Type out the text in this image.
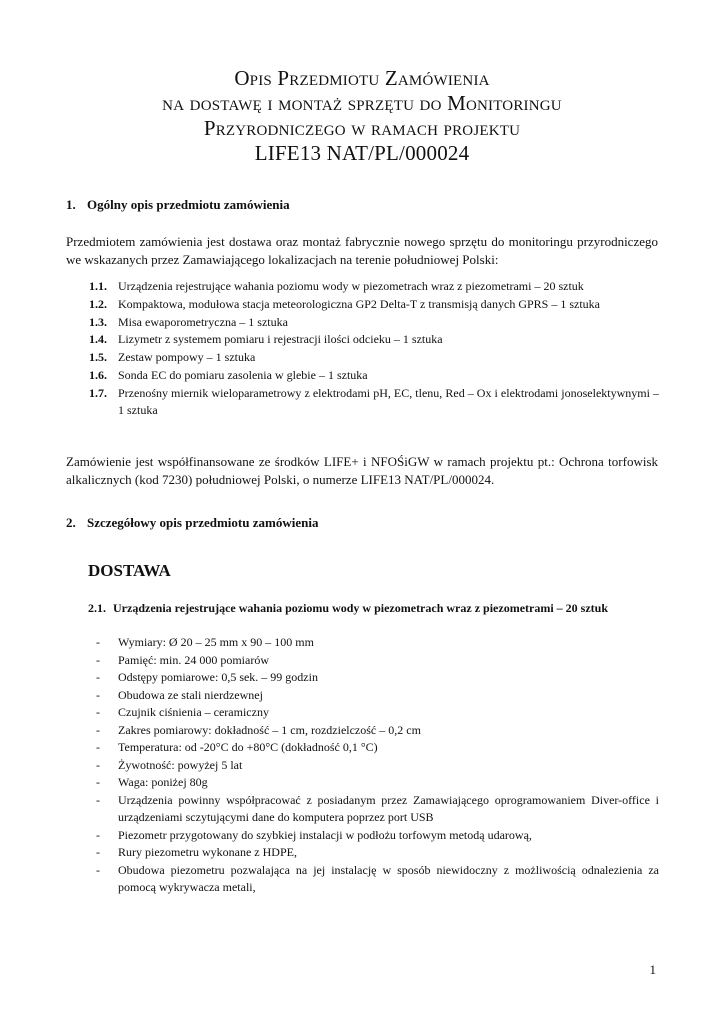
Opis Przedmiotu Zamówienia
na dostawę i montaż sprzętu do Monitoringu
Przyrodniczego w ramach projektu
LIFE13 NAT/PL/000024
1. Ogólny opis przedmiotu zamówienia
Przedmiotem zamówienia jest dostawa oraz montaż fabrycznie nowego sprzętu do monitoringu przyrodniczego we wskazanych przez Zamawiającego lokalizacjach na terenie południowej Polski:
1.1. Urządzenia rejestrujące wahania poziomu wody w piezometrach wraz z piezometrami – 20 sztuk
1.2. Kompaktowa, modułowa stacja meteorologiczna GP2 Delta-T z transmisją danych GPRS – 1 sztuka
1.3. Misa ewaporometryczna – 1 sztuka
1.4. Lizymetr z systemem pomiaru i rejestracji ilości odcieku – 1 sztuka
1.5. Zestaw pompowy – 1 sztuka
1.6. Sonda EC do pomiaru zasolenia w glebie – 1 sztuka
1.7. Przenośny miernik wieloparametrowy z elektrodami pH, EC, tlenu, Red – Ox i elektrodami jonoselektywnymi – 1 sztuka
Zamówienie jest współfinansowane ze środków LIFE+ i NFOŚiGW w ramach projektu pt.: Ochrona torfowisk alkalicznych (kod 7230) południowej Polski, o numerze LIFE13 NAT/PL/000024.
2. Szczegółowy opis przedmiotu zamówienia
DOSTAWA
2.1. Urządzenia rejestrujące wahania poziomu wody w piezometrach wraz z piezometrami – 20 sztuk
-	Wymiary: Ø 20 – 25 mm x 90 – 100 mm
-	Pamięć: min. 24 000 pomiarów
-	Odstępy pomiarowe: 0,5 sek. – 99 godzin
-	Obudowa ze stali nierdzewnej
-	Czujnik ciśnienia – ceramiczny
-	Zakres pomiarowy: dokładność – 1 cm, rozdzielczość – 0,2 cm
-	Temperatura: od -20°C do +80°C (dokładność 0,1 °C)
-	Żywotność: powyżej 5 lat
-	Waga: poniżej 80g
-	Urządzenia powinny współpracować z posiadanym przez Zamawiającego oprogramowaniem Diver-office i urządzeniami sczytującymi dane do komputera poprzez port USB
-	Piezometr przygotowany do szybkiej instalacji w podłożu torfowym metodą udarową,
-	Rury piezometru wykonane z HDPE,
-	Obudowa piezometru pozwalająca na jej instalację w sposób niewidoczny z możliwością odnalezienia za pomocą wykrywacza metali,
1
